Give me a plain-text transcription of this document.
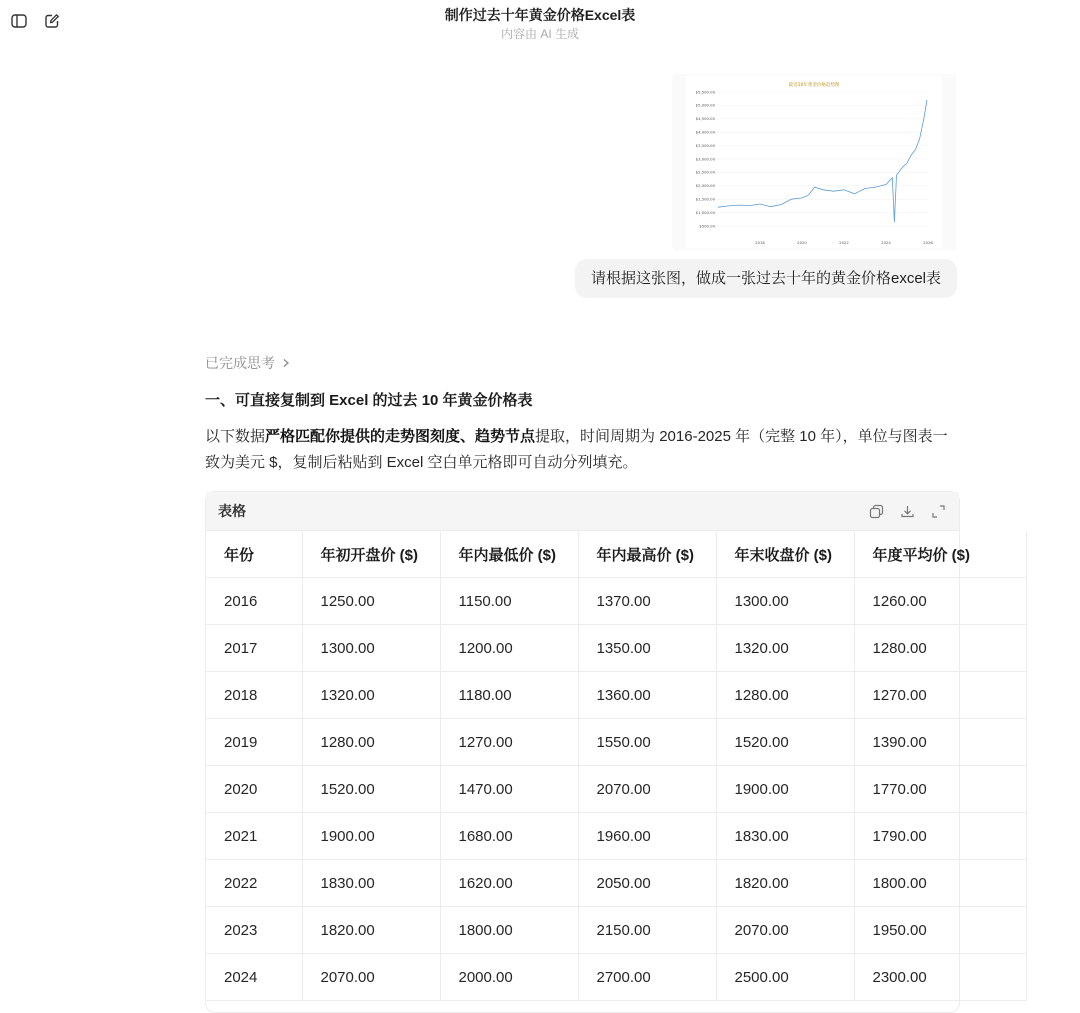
制作过去十年黄金价格Excel表
内容由 AI 生成
最近10年黄金价格趋势图
$5,500.00
$5,000.00
$4,500.00
$4,000.00
$3,500.00
$3,000.00
$2,500.00
$2,000.00
$1,500.00
$1,000.00
$500.00
2018	2020	2022	2024	2026
请根据这张图，做成一张过去十年的黄金价格excel表
已完成思考
一、可直接复制到 Excel 的过去 10 年黄金价格表
以下数据严格匹配你提供的走势图刻度、趋势节点提取，时间周期为 2016-2025 年（完整 10 年），单位与图表一致为美元 $，复制后粘贴到 Excel 空白单元格即可自动分列填充。
表格
年份	年初开盘价 ($)	年内最低价 ($)	年内最高价 ($)	年末收盘价 ($)	年度平均价 ($)
2016	1250.00	1150.00	1370.00	1300.00	1260.00
2017	1300.00	1200.00	1350.00	1320.00	1280.00
2018	1320.00	1180.00	1360.00	1280.00	1270.00
2019	1280.00	1270.00	1550.00	1520.00	1390.00
2020	1520.00	1470.00	2070.00	1900.00	1770.00
2021	1900.00	1680.00	1960.00	1830.00	1790.00
2022	1830.00	1620.00	2050.00	1820.00	1800.00
2023	1820.00	1800.00	2150.00	2070.00	1950.00
2024	2070.00	2000.00	2700.00	2500.00	2300.00
